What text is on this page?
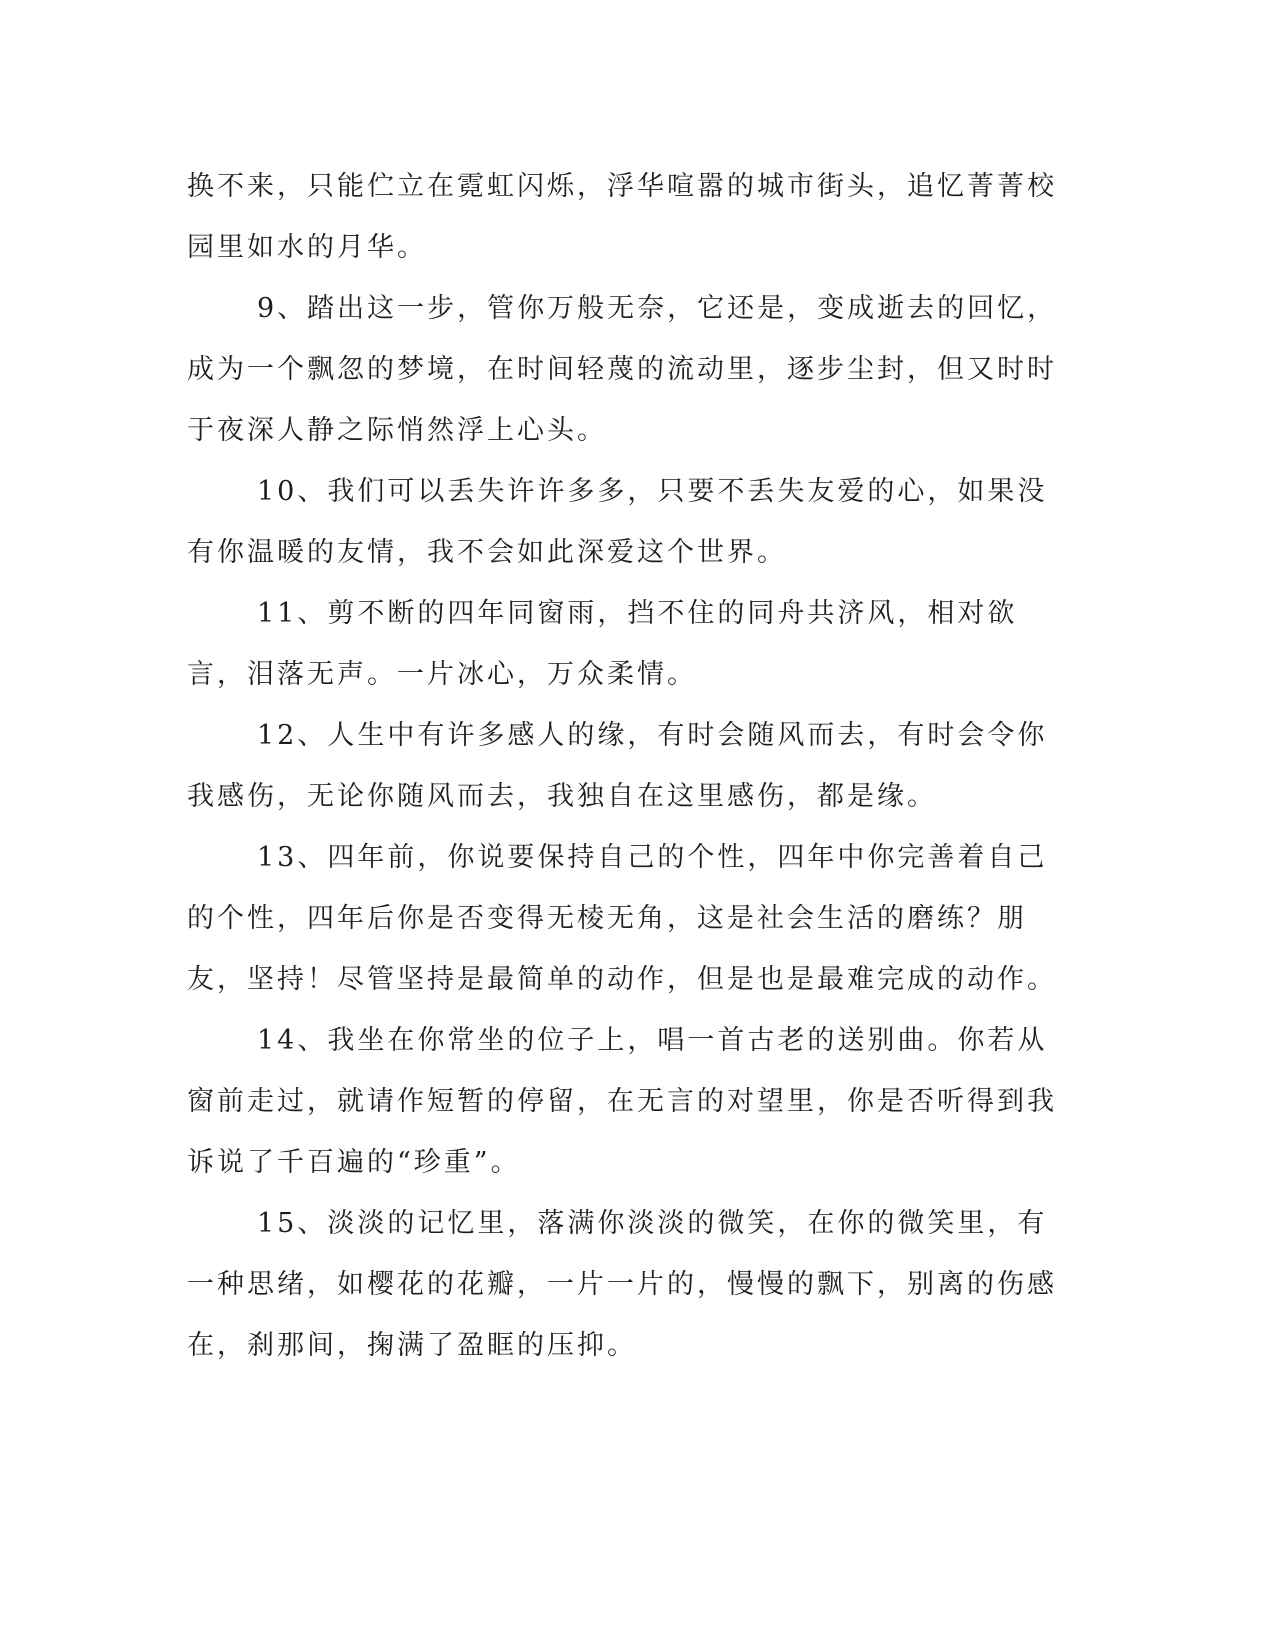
换不来，只能伫立在霓虹闪烁，浮华喧嚣的城市街头，追忆菁菁校园里如水的月华。

9、踏出这一步，管你万般无奈，它还是，变成逝去的回忆，成为一个飘忽的梦境，在时间轻蔑的流动里，逐步尘封，但又时时于夜深人静之际悄然浮上心头。

10、我们可以丢失许许多多，只要不丢失友爱的心，如果没有你温暖的友情，我不会如此深爱这个世界。

11、剪不断的四年同窗雨，挡不住的同舟共济风，相对欲言，泪落无声。一片冰心，万众柔情。

12、人生中有许多感人的缘，有时会随风而去，有时会令你我感伤，无论你随风而去，我独自在这里感伤，都是缘。

13、四年前，你说要保持自己的个性，四年中你完善着自己的个性，四年后你是否变得无棱无角，这是社会生活的磨练？朋友，坚持！尽管坚持是最简单的动作，但是也是最难完成的动作。

14、我坐在你常坐的位子上，唱一首古老的送别曲。你若从窗前走过，就请作短暂的停留，在无言的对望里，你是否听得到我诉说了千百遍的“珍重”。

15、淡淡的记忆里，落满你淡淡的微笑，在你的微笑里，有一种思绪，如樱花的花瓣，一片一片的，慢慢的飘下，别离的伤感在，刹那间，掬满了盈眶的压抑。
